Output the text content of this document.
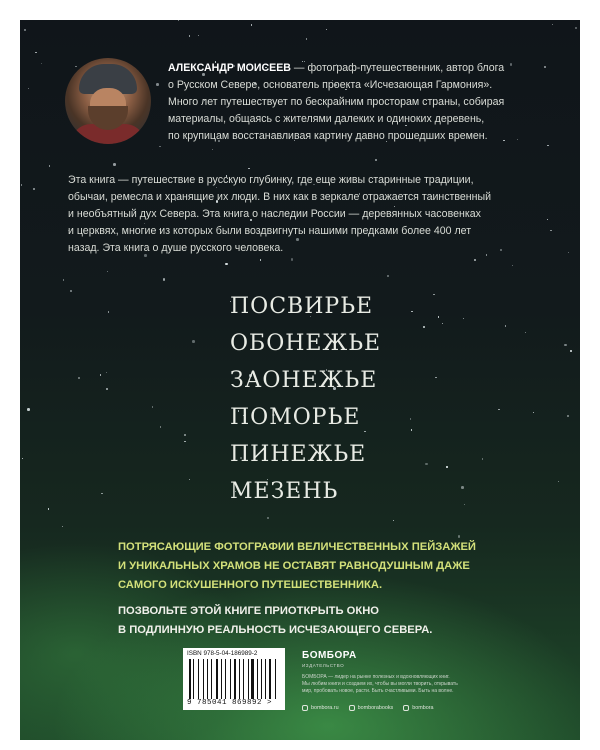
АЛЕКСАНДР МОИСЕЕВ — фотограф-путешественник, автор блога

о Русском Севере, основатель проекта «Исчезающая Гармония».

Много лет путешествует по бескрайним просторам страны, собирая

материалы, общаясь с жителями далеких и одиноких деревень,

по крупицам восстанавливая картину давно прошедших времен.

Эта книга — путешествие в русскую глубинку, где еще живы старинные традиции,
обычаи, ремесла и хранящие их люди. В них как в зеркале отражается таинственный
и необъятный дух Севера. Эта книга о наследии России — деревянных часовенках
и церквях, многие из которых были воздвигнуты нашими предками более 400 лет
назад. Эта книга о душе русского человека.
ПОСВИРЬЕ
ОБОНЕЖЬЕ
ЗАОНЕЖЬЕ
ПОМОРЬЕ
ПИНЕЖЬЕ
МЕЗЕНЬ
ПОТРЯСАЮЩИЕ ФОТОГРАФИИ ВЕЛИЧЕСТВЕННЫХ ПЕЙЗАЖЕЙ
И УНИКАЛЬНЫХ ХРАМОВ НЕ ОСТАВЯТ РАВНОДУШНЫМ ДАЖЕ
САМОГО ИСКУШЕННОГО ПУТЕШЕСТВЕННИКА.
ПОЗВОЛЬТЕ ЭТОЙ КНИГЕ ПРИОТКРЫТЬ ОКНО
В ПОДЛИННУЮ РЕАЛЬНОСТЬ ИСЧЕЗАЮЩЕГО СЕВЕРА.
ISBN 978-5-04-186989-2
9 785041 869892 >
БОМБОРА
ИЗДАТЕЛЬСТВО
БОМБОРА — лидер на рынке полезных и вдохновляющих книг.
Мы любим книги и создаем их, чтобы вы могли творить, открывать
мир, пробовать новое, расти. Быть счастливыми. Быть на волне.
bombora.ru	bomborabooks	bombora
